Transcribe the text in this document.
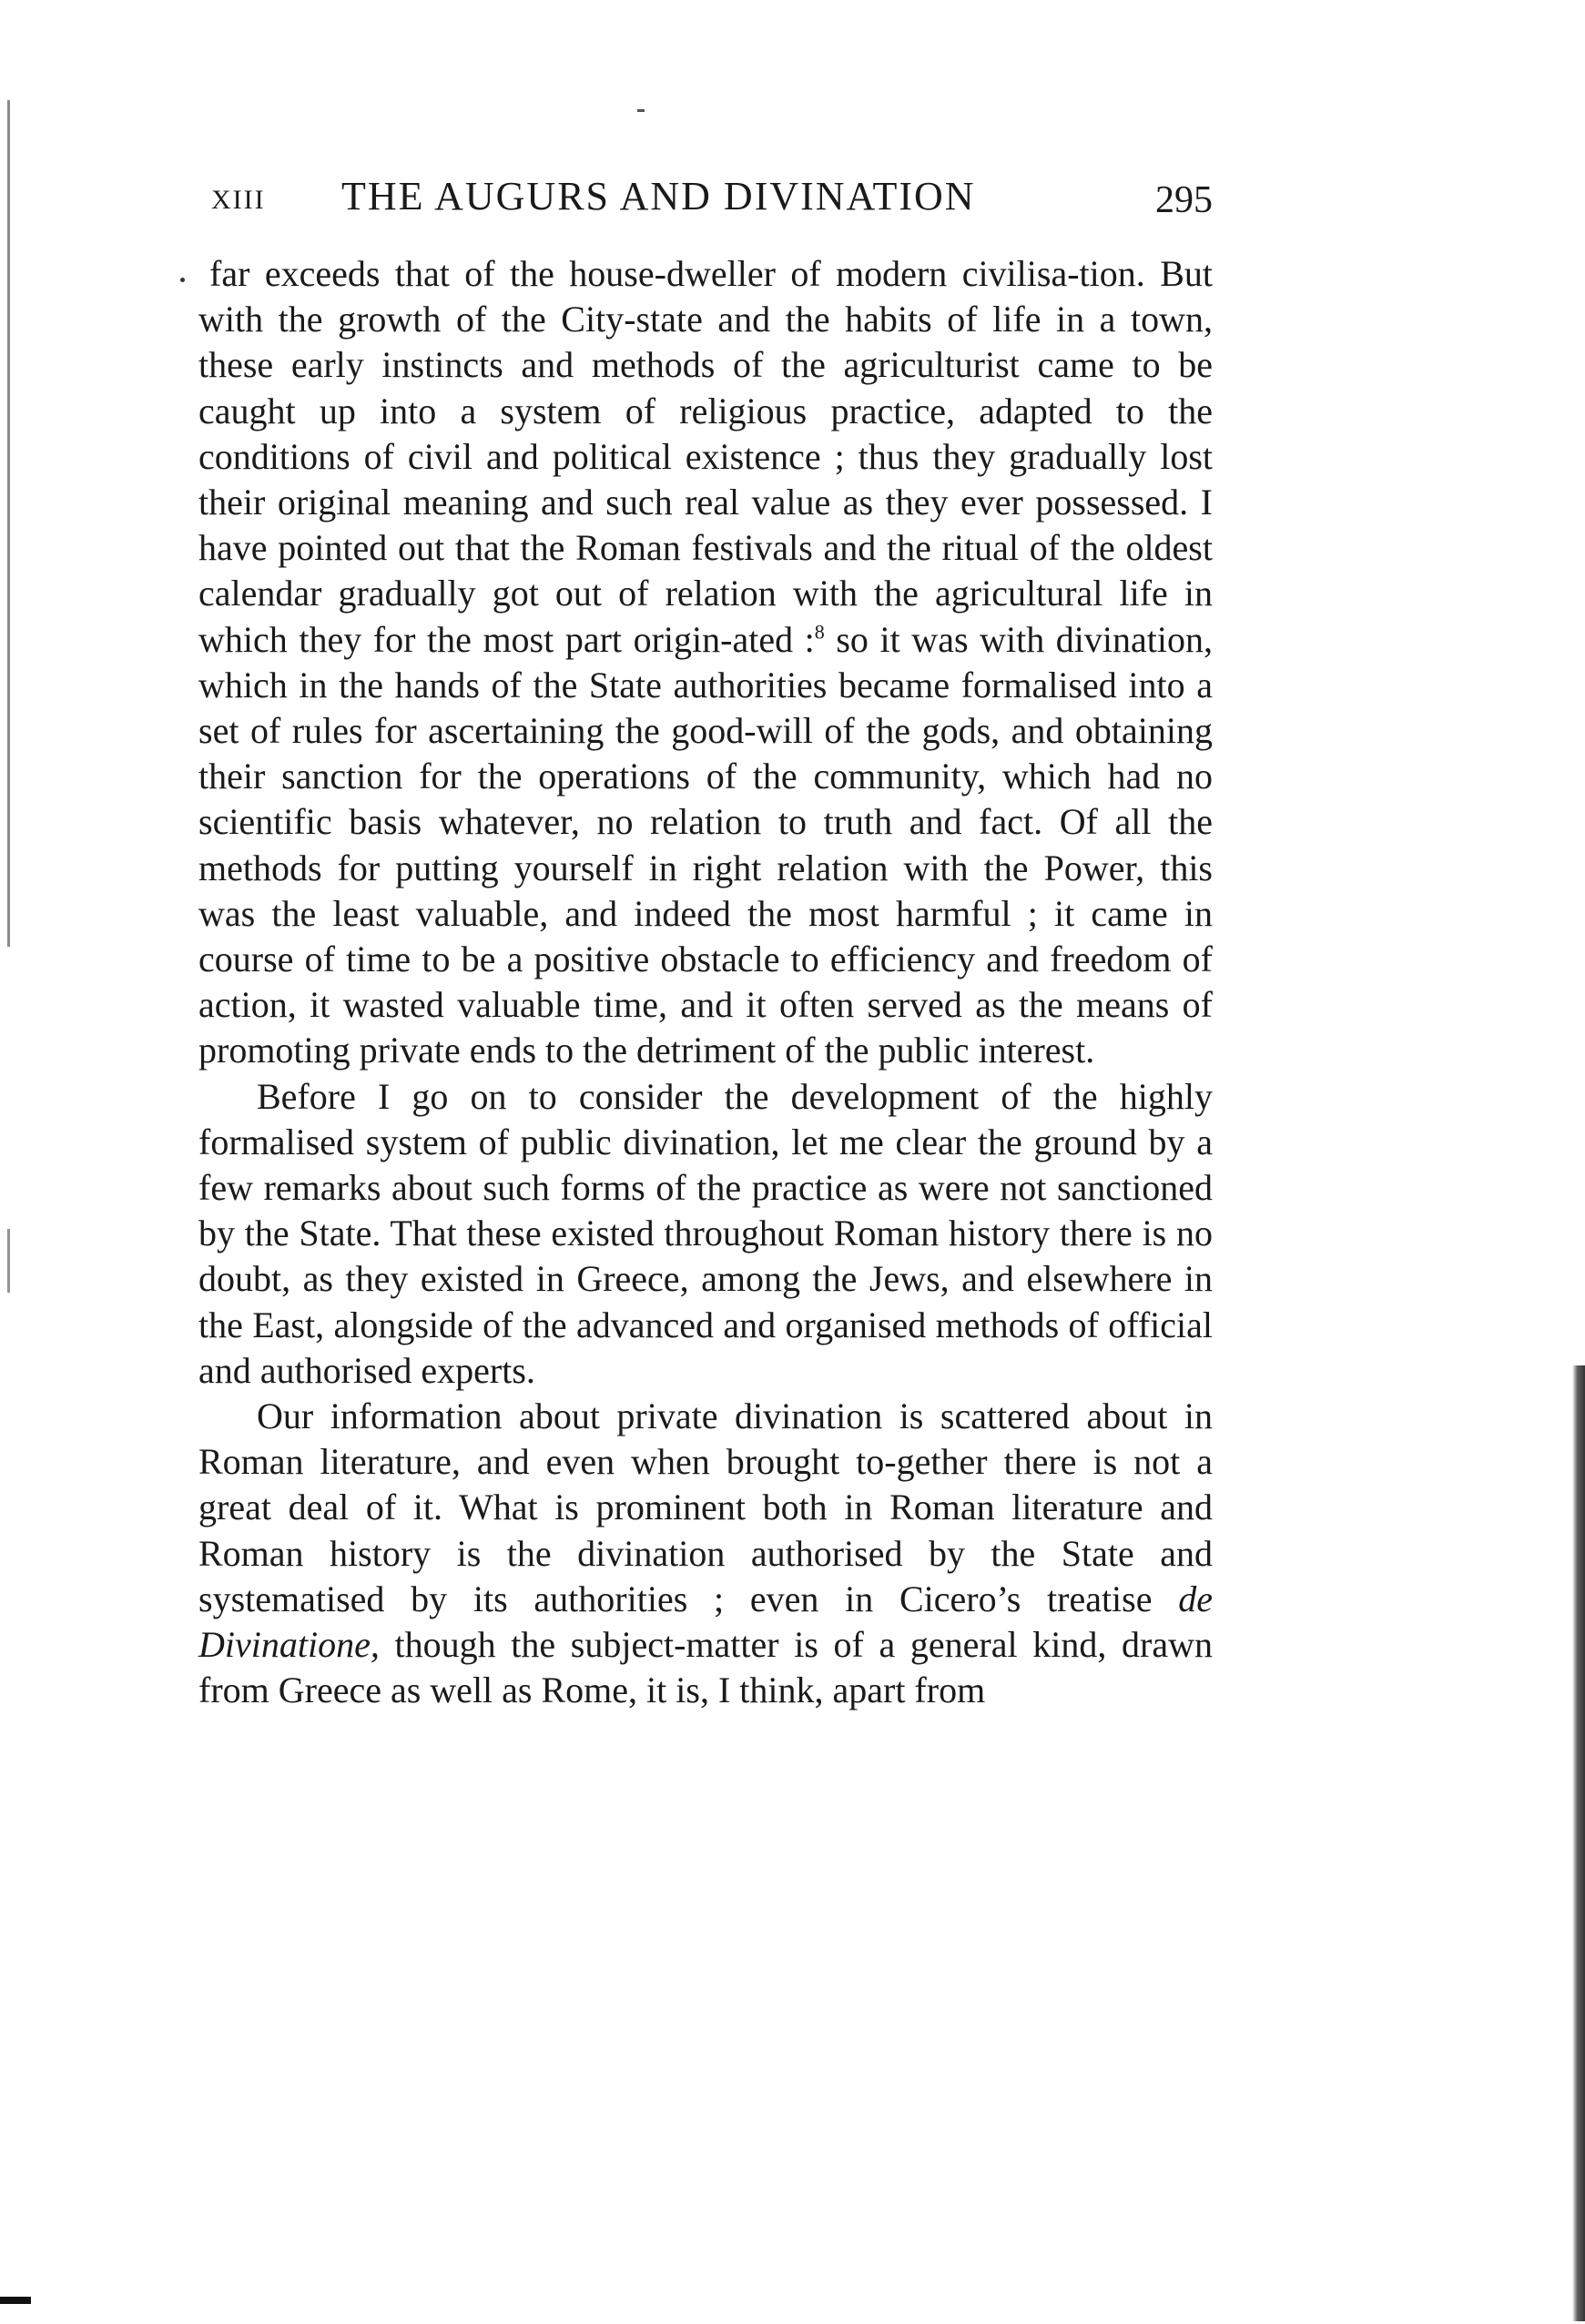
XIII THE AUGURS AND DIVINATION	295

far exceeds that of the house-dweller of modern civilisa-tion. But with the growth of the City-state and the habits of life in a town, these early instincts and methods of the agriculturist came to be caught up into a system of religious practice, adapted to the conditions of civil and political existence ; thus they gradually lost their original meaning and such real value as they ever possessed. I have pointed out that the Roman festivals and the ritual of the oldest calendar gradually got out of relation with the agricultural life in which they for the most part origin-ated :$^8$ so it was with divination, which in the hands of the State authorities became formalised into a set of rules for ascertaining the good-will of the gods, and obtaining their sanction for the operations of the community, which had no scientific basis whatever, no relation to truth and fact. Of all the methods for putting yourself in right relation with the Power, this was the least valuable, and indeed the most harmful ; it came in course of time to be a positive obstacle to efficiency and freedom of action, it wasted valuable time, and it often served as the means of promoting private ends to the detriment of the public interest.

Before I go on to consider the development of the highly formalised system of public divination, let me clear the ground by a few remarks about such forms of the practice as were not sanctioned by the State. That these existed throughout Roman history there is no doubt, as they existed in Greece, among the Jews, and elsewhere in the East, alongside of the advanced and organised methods of official and authorised experts.

Our information about private divination is scattered about in Roman literature, and even when brought to-gether there is not a great deal of it. What is prominent both in Roman literature and Roman history is the divination authorised by the State and systematised by its authorities ; even in Cicero’s treatise de Divinatione, though the subject-matter is of a general kind, drawn from Greece as well as Rome, it is, I think, apart from
